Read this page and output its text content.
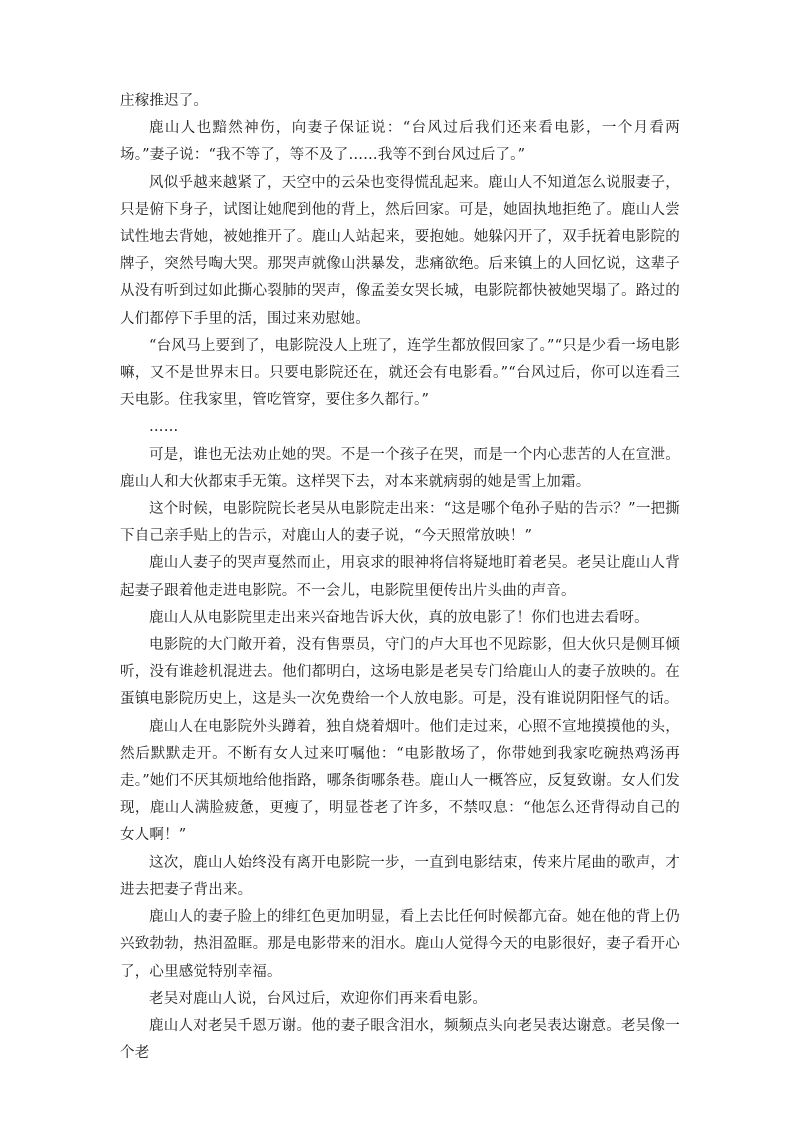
庄稼推迟了。

鹿山人也黯然神伤，向妻子保证说：“台风过后我们还来看电影，一个月看两场。”妻子说：“我不等了，等不及了……我等不到台风过后了。”

风似乎越来越紧了，天空中的云朵也变得慌乱起来。鹿山人不知道怎么说服妻子，只是俯下身子，试图让她爬到他的背上，然后回家。可是，她固执地拒绝了。鹿山人尝试性地去背她，被她推开了。鹿山人站起来，要抱她。她躲闪开了，双手抚着电影院的牌子，突然号啕大哭。那哭声就像山洪暴发，悲痛欲绝。后来镇上的人回忆说，这辈子从没有听到过如此撕心裂肺的哭声，像孟姜女哭长城，电影院都快被她哭塌了。路过的人们都停下手里的活，围过来劝慰她。

“台风马上要到了，电影院没人上班了，连学生都放假回家了。”“只是少看一场电影嘛，又不是世界末日。只要电影院还在，就还会有电影看。”“台风过后，你可以连看三天电影。住我家里，管吃管穿，要住多久都行。”

……

可是，谁也无法劝止她的哭。不是一个孩子在哭，而是一个内心悲苦的人在宣泄。鹿山人和大伙都束手无策。这样哭下去，对本来就病弱的她是雪上加霜。

这个时候，电影院院长老吴从电影院走出来：“这是哪个龟孙子贴的告示？”一把撕下自己亲手贴上的告示，对鹿山人的妻子说，“今天照常放映！”

鹿山人妻子的哭声戛然而止，用哀求的眼神将信将疑地盯着老吴。老吴让鹿山人背起妻子跟着他走进电影院。不一会儿，电影院里便传出片头曲的声音。

鹿山人从电影院里走出来兴奋地告诉大伙，真的放电影了！你们也进去看呀。

电影院的大门敞开着，没有售票员，守门的卢大耳也不见踪影，但大伙只是侧耳倾听，没有谁趁机混进去。他们都明白，这场电影是老吴专门给鹿山人的妻子放映的。在蛋镇电影院历史上，这是头一次免费给一个人放电影。可是，没有谁说阴阳怪气的话。

鹿山人在电影院外头蹲着，独自烧着烟叶。他们走过来，心照不宣地摸摸他的头，然后默默走开。不断有女人过来叮嘱他：“电影散场了，你带她到我家吃碗热鸡汤再走。”她们不厌其烦地给他指路，哪条街哪条巷。鹿山人一概答应，反复致谢。女人们发现，鹿山人满脸疲惫，更瘦了，明显苍老了许多，不禁叹息：“他怎么还背得动自己的女人啊！”

这次，鹿山人始终没有离开电影院一步，一直到电影结束，传来片尾曲的歌声，才进去把妻子背出来。

鹿山人的妻子脸上的绯红色更加明显，看上去比任何时候都亢奋。她在他的背上仍兴致勃勃，热泪盈眶。那是电影带来的泪水。鹿山人觉得今天的电影很好，妻子看开心了，心里感觉特别幸福。

老吴对鹿山人说，台风过后，欢迎你们再来看电影。

鹿山人对老吴千恩万谢。他的妻子眼含泪水，频频点头向老吴表达谢意。老吴像一个老
